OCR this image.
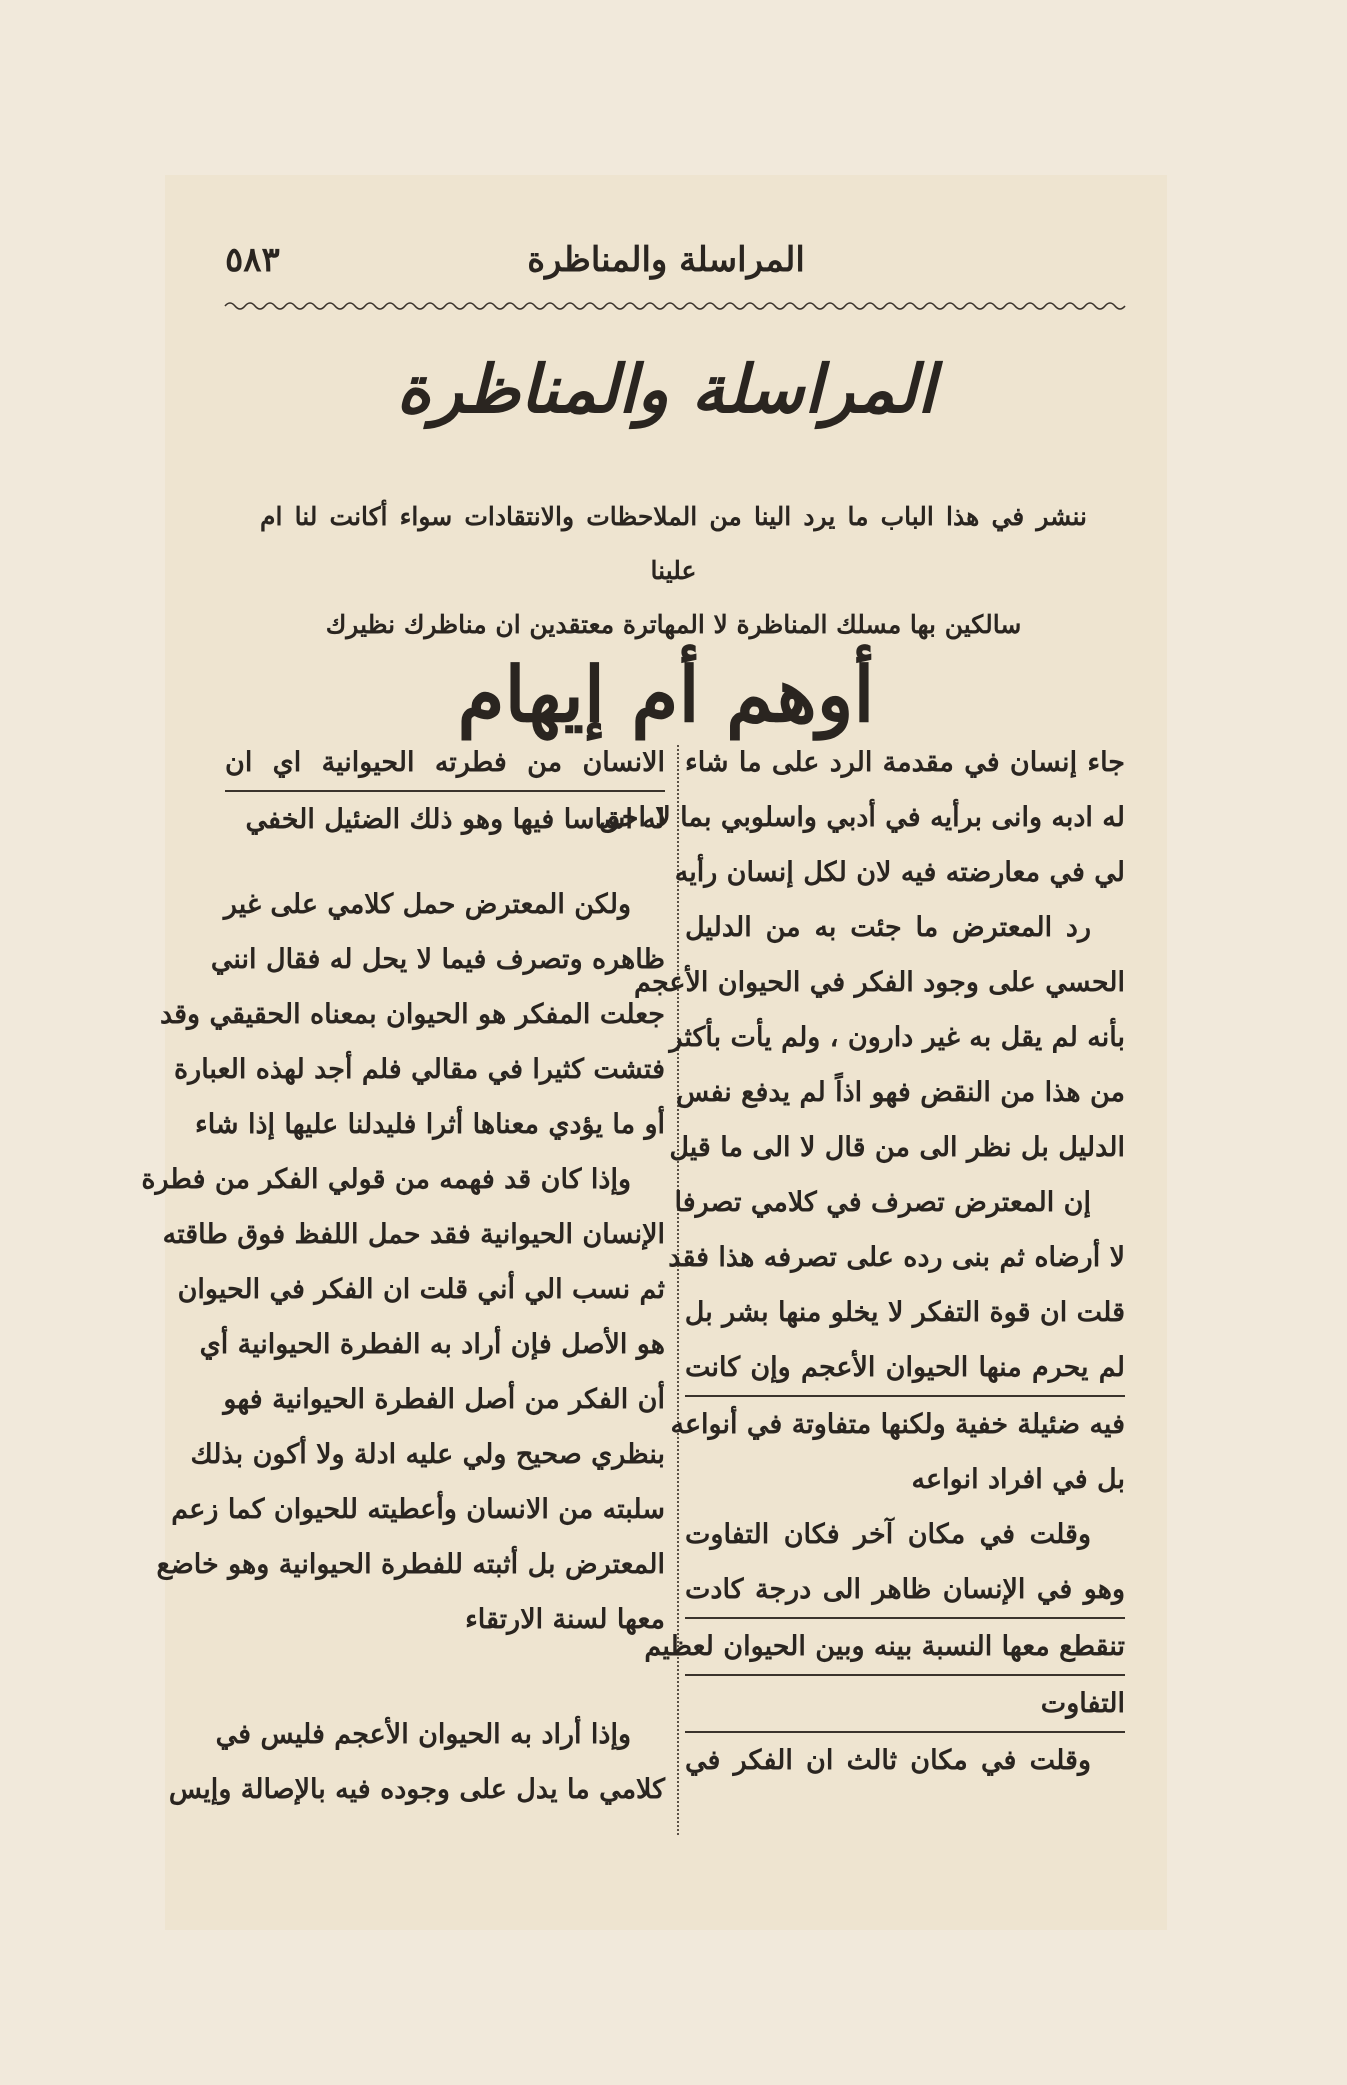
المراسلة والمناظرة
٥٨٣
المراسلة والمناظرة
ننشر في هذا الباب ما يرد الينا من الملاحظات والانتقادات سواء أكانت لنا ام علينا
سالكين بها مسلك المناظرة لا المهاترة معتقدين ان مناظرك نظيرك
أوهم أم إيهام
جاء إنسان في مقدمة الرد على ما شاء
له ادبه وانى برأيه في أدبي واسلوبي بما لا احق
لي في معارضته فيه لان لكل إنسان رأيه
رد المعترض ما جئت به من الدليل
الحسي على وجود الفكر في الحيوان الأعجم
بأنه لم يقل به غير دارون ، ولم يأت بأكثر
من هذا من النقض فهو اذاً لم يدفع نفس
الدليل بل نظر الى من قال لا الى ما قيل
إن المعترض تصرف في كلامي تصرفا
لا أرضاه ثم بنى رده على تصرفه هذا فقد
قلت ان قوة التفكر لا يخلو منها بشر بل
لم يحرم منها الحيوان الأعجم وإن كانت
فيه ضئيلة خفية ولكنها متفاوتة في أنواعه
بل في افراد انواعه
وقلت في مكان آخر فكان التفاوت
وهو في الإنسان ظاهر الى درجة كادت
تنقطع معها النسبة بينه وبين الحيوان لعظيم
التفاوت
وقلت في مكان ثالث ان الفكر في
الانسان من فطرته الحيوانية اي ان
له اساسا فيها وهو ذلك الضئيل الخفي
ولكن المعترض حمل كلامي على غير
ظاهره وتصرف فيما لا يحل له فقال انني
جعلت المفكر هو الحيوان بمعناه الحقيقي وقد
فتشت كثيرا في مقالي فلم أجد لهذه العبارة
أو ما يؤدي معناها أثرا فليدلنا عليها إذا شاء
وإذا كان قد فهمه من قولي الفكر من فطرة
الإنسان الحيوانية فقد حمل اللفظ فوق طاقته
ثم نسب الي أني قلت ان الفكر في الحيوان
هو الأصل فإن أراد به الفطرة الحيوانية أي
أن الفكر من أصل الفطرة الحيوانية فهو
بنظري صحيح ولي عليه ادلة ولا أكون بذلك
سلبته من الانسان وأعطيته للحيوان كما زعم
المعترض بل أثبته للفطرة الحيوانية وهو خاضع
معها لسنة الارتقاء
وإذا أراد به الحيوان الأعجم فليس في
كلامي ما يدل على وجوده فيه بالإصالة وإيس
